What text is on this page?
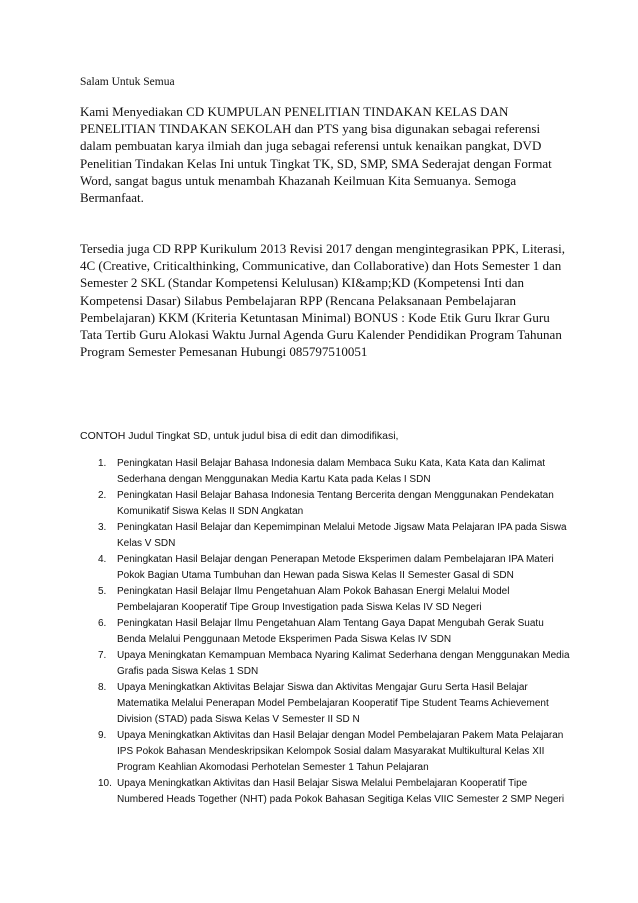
Salam Untuk Semua
Kami Menyediakan CD KUMPULAN PENELITIAN TINDAKAN KELAS DAN PENELITIAN TINDAKAN SEKOLAH dan PTS yang bisa digunakan sebagai referensi dalam pembuatan karya ilmiah dan juga sebagai referensi untuk kenaikan pangkat, DVD Penelitian Tindakan Kelas Ini untuk Tingkat TK, SD, SMP, SMA Sederajat dengan Format Word, sangat bagus untuk menambah Khazanah Keilmuan Kita Semuanya. Semoga Bermanfaat.
Tersedia juga CD RPP Kurikulum 2013 Revisi 2017 dengan mengintegrasikan PPK, Literasi, 4C (Creative, Criticalthinking, Communicative, dan Collaborative) dan Hots Semester 1 dan Semester 2 SKL (Standar Kompetensi Kelulusan) KI&amp;KD (Kompetensi Inti dan Kompetensi Dasar) Silabus Pembelajaran RPP (Rencana Pelaksanaan Pembelajaran Pembelajaran) KKM (Kriteria Ketuntasan Minimal) BONUS : Kode Etik Guru Ikrar Guru Tata Tertib Guru Alokasi Waktu Jurnal Agenda Guru Kalender Pendidikan Program Tahunan Program Semester Pemesanan Hubungi 085797510051
CONTOH Judul Tingkat SD, untuk judul bisa di edit dan dimodifikasi,
1. Peningkatan Hasil Belajar Bahasa Indonesia dalam Membaca Suku Kata, Kata Kata dan Kalimat Sederhana dengan Menggunakan Media Kartu Kata pada Kelas I SDN
2. Peningkatan Hasil Belajar Bahasa Indonesia Tentang Bercerita dengan Menggunakan Pendekatan Komunikatif Siswa Kelas II SDN Angkatan
3. Peningkatan Hasil Belajar dan Kepemimpinan Melalui Metode Jigsaw Mata Pelajaran IPA pada Siswa Kelas V SDN
4. Peningkatan Hasil Belajar dengan Penerapan Metode Eksperimen dalam Pembelajaran IPA Materi Pokok Bagian Utama Tumbuhan dan Hewan pada Siswa Kelas II Semester Gasal di SDN
5. Peningkatan Hasil Belajar Ilmu Pengetahuan Alam Pokok Bahasan Energi Melalui Model Pembelajaran Kooperatif Tipe Group Investigation pada Siswa Kelas IV SD Negeri
6. Peningkatan Hasil Belajar Ilmu Pengetahuan Alam Tentang Gaya Dapat Mengubah Gerak Suatu Benda Melalui Penggunaan Metode Eksperimen Pada Siswa Kelas IV SDN
7. Upaya Meningkatan Kemampuan Membaca Nyaring Kalimat Sederhana dengan Menggunakan Media Grafis pada Siswa Kelas 1 SDN
8. Upaya Meningkatkan Aktivitas Belajar Siswa dan Aktivitas Mengajar Guru Serta Hasil Belajar Matematika Melalui Penerapan Model Pembelajaran Kooperatif Tipe Student Teams Achievement Division (STAD) pada Siswa Kelas V Semester II SD N
9. Upaya Meningkatkan Aktivitas dan Hasil Belajar dengan Model Pembelajaran Pakem Mata Pelajaran IPS Pokok Bahasan Mendeskripsikan Kelompok Sosial dalam Masyarakat Multikultural Kelas XII Program Keahlian Akomodasi Perhotelan Semester 1 Tahun Pelajaran
10. Upaya Meningkatkan Aktivitas dan Hasil Belajar Siswa Melalui Pembelajaran Kooperatif Tipe Numbered Heads Together (NHT) pada Pokok Bahasan Segitiga Kelas VIIC Semester 2 SMP Negeri
